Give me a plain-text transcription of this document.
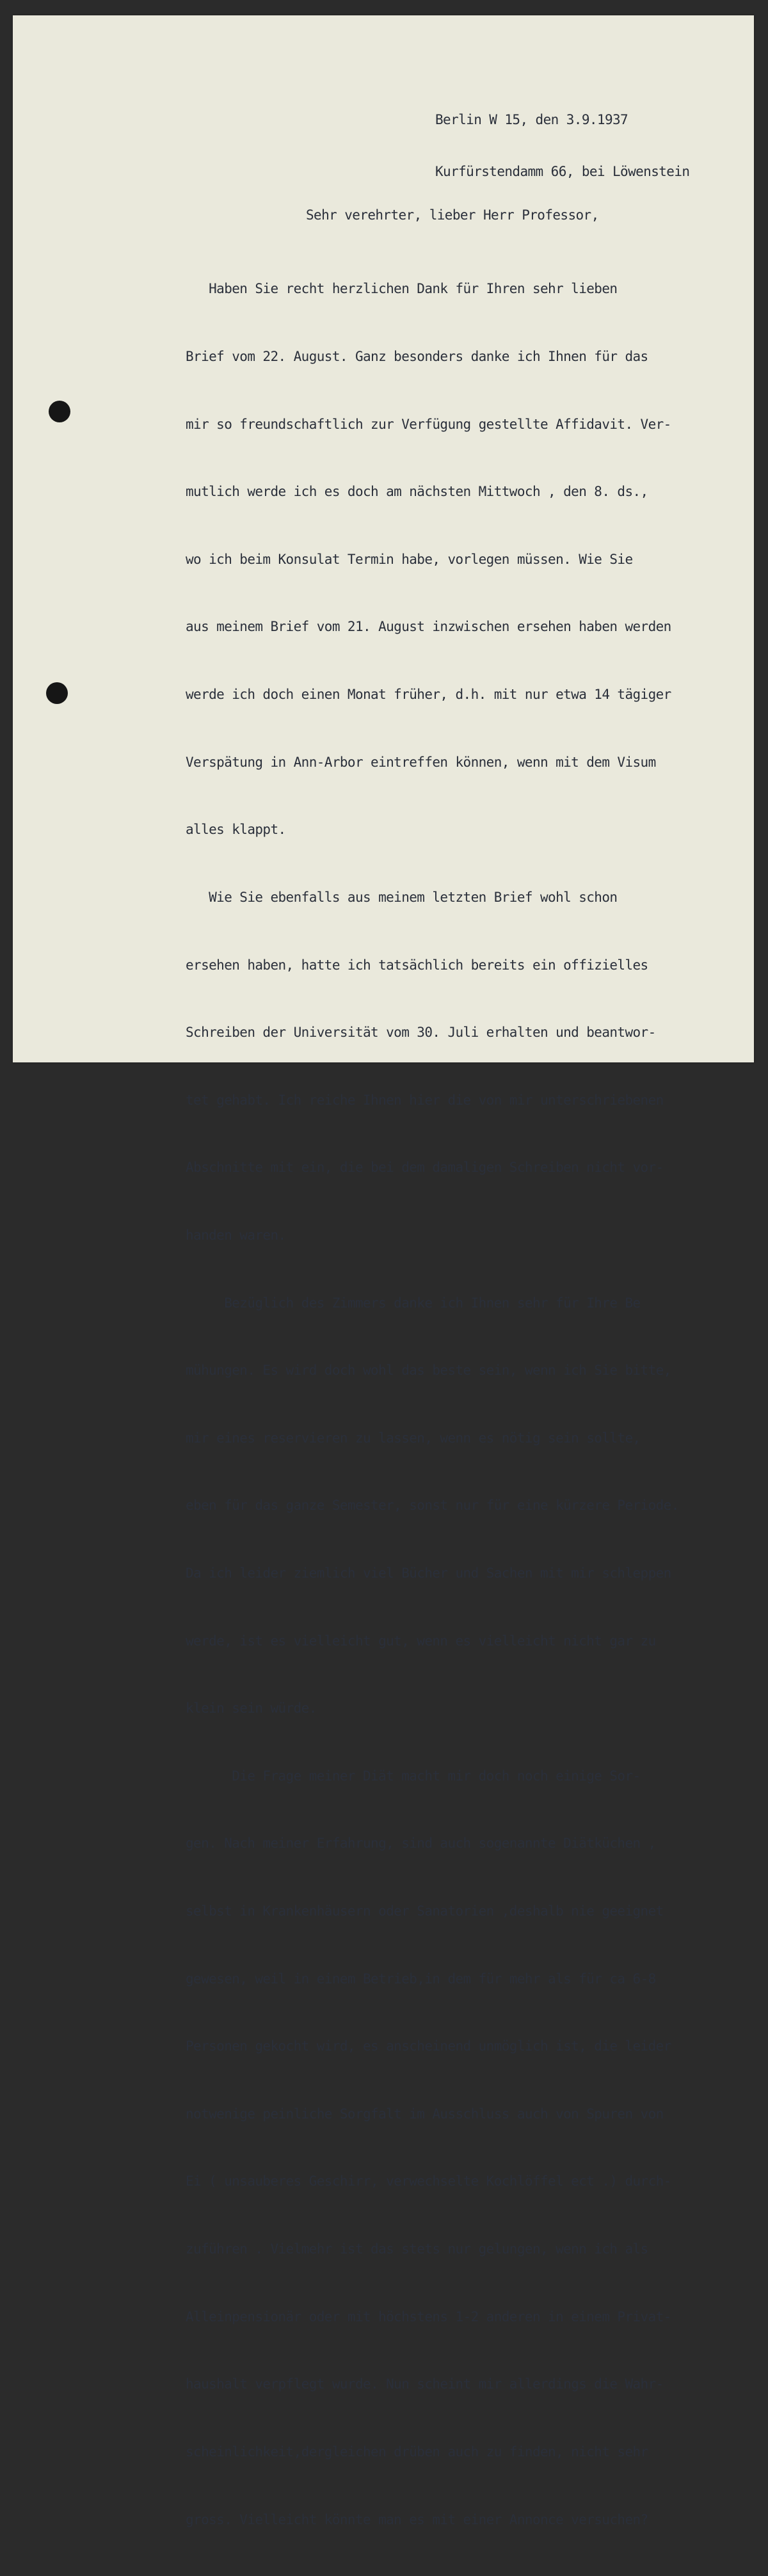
Berlin W 15, den 3.9.1937

Kurfürstendamm 66, bei Löwenstein

Sehr verehrter, lieber Herr Professor,

Haben Sie recht herzlichen Dank für Ihren sehr lieben

Brief vom 22. August. Ganz besonders danke ich Ihnen für das

mir so freundschaftlich zur Verfügung gestellte Affidavit. Ver-

mutlich werde ich es doch am nächsten Mittwoch , den 8. ds.,

wo ich beim Konsulat Termin habe, vorlegen müssen. Wie Sie

aus meinem Brief vom 21. August inzwischen ersehen haben werden

werde ich doch einen Monat früher, d.h. mit nur etwa 14 tägiger

Verspätung in Ann-Arbor eintreffen können, wenn mit dem Visum

alles klappt.

Wie Sie ebenfalls aus meinem letzten Brief wohl schon

ersehen haben, hatte ich tatsächlich bereits ein offizielles

Schreiben der Universität vom 30. Juli erhalten und beantwor-

tet gehabt. Ich reiche Ihnen hier die von mir unterschriebenen

Abschnitte mit ein, die bei dem damaligen Schreiben nicht vor-

handen waren.

Bezüglich des Zimmers danke ich Ihnen sehr für Ihre Be

mühungen. Es wird doch wohl das beste sein, wenn ich Sie bitte,

mir eines reservieren zu lassen, wenn es nötig sein sollte,

eben für das ganze Semester, sonst nur für eine kürzere Periode.

Da ich leider ziemlich viel Bücher und Sachen mit mir schleppen

werde, ist es vielleicht gut, wenn es vielleicht nicht gar zu

klein sein würde.

Die Frage meiner Diät macht mir doch noch einige Sor-

gen. Nach meiner Erfahrung, sind auch sogenannte Diätküchen ,

selbst in Krankenhäusern oder Sanatorien ,deshalb nie geeignet

gewesen, weil in einem Betrieb,in dem für mehr als für ca 6-8

Personen gekocht wird, es anscheinend unmöglich ist, die leider

notwenige peinliche Sorgfalt im Ausschluss auch von Spuren von

Ei ( unsauberes Geschirr, verwechselte Kochlöffel ect .) durch-

zuführen . Vielmehr ist das stets nur gelungen, wenn ich als

Alleinpensionär oder mit höchstens 1-2 anderen in einem Privat-

haushalt verpflegt wurde. Nun scheint mir allerdings die Wahr-

scheinlichkeit,dergleichen drüben auch zu finden, nicht sehr

gross. Vielleicht könnte man es mit einer Annonce versuchen?
